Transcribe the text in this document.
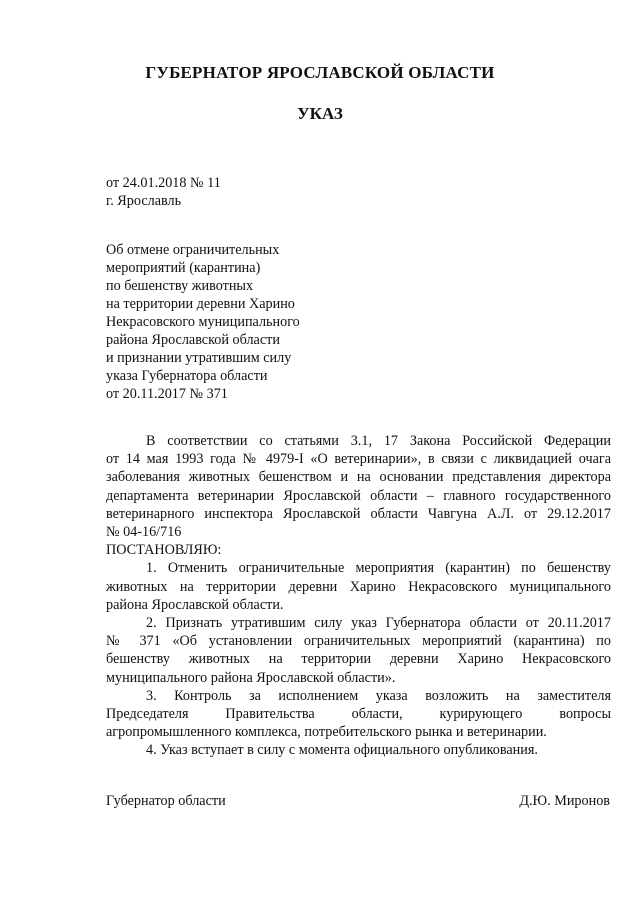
ГУБЕРНАТОР ЯРОСЛАВСКОЙ ОБЛАСТИ
УКАЗ
от 24.01.2018 № 11
г. Ярославль
Об отмене ограничительных
мероприятий (карантина)
по бешенству животных
на территории деревни Харино
Некрасовского муниципального
района Ярославской области
и признании утратившим силу
указа Губернатора области
от 20.11.2017 № 371
В соответствии со статьями 3.1, 17 Закона Российской Федерации
от 14 мая 1993 года № 4979-I «О ветеринарии», в связи с ликвидацией очага
заболевания животных бешенством и на основании представления директора
департамента ветеринарии Ярославской области – главного государственного
ветеринарного инспектора Ярославской области Чавгуна А.Л. от 29.12.2017
№ 04-16/716
ПОСТАНОВЛЯЮ:
1. Отменить ограничительные мероприятия (карантин) по бешенству
животных на территории деревни Харино Некрасовского муниципального
района Ярославской области.
2. Признать утратившим силу указ Губернатора области от 20.11.2017
№ 371 «Об установлении ограничительных мероприятий (карантина) по
бешенству животных на территории деревни Харино Некрасовского
муниципального района Ярославской области».
3. Контроль за исполнением указа возложить на заместителя
Председателя Правительства области, курирующего вопросы
агропромышленного комплекса, потребительского рынка и ветеринарии.
4. Указ вступает в силу с момента официального опубликования.
Губернатор области	Д.Ю. Миронов
